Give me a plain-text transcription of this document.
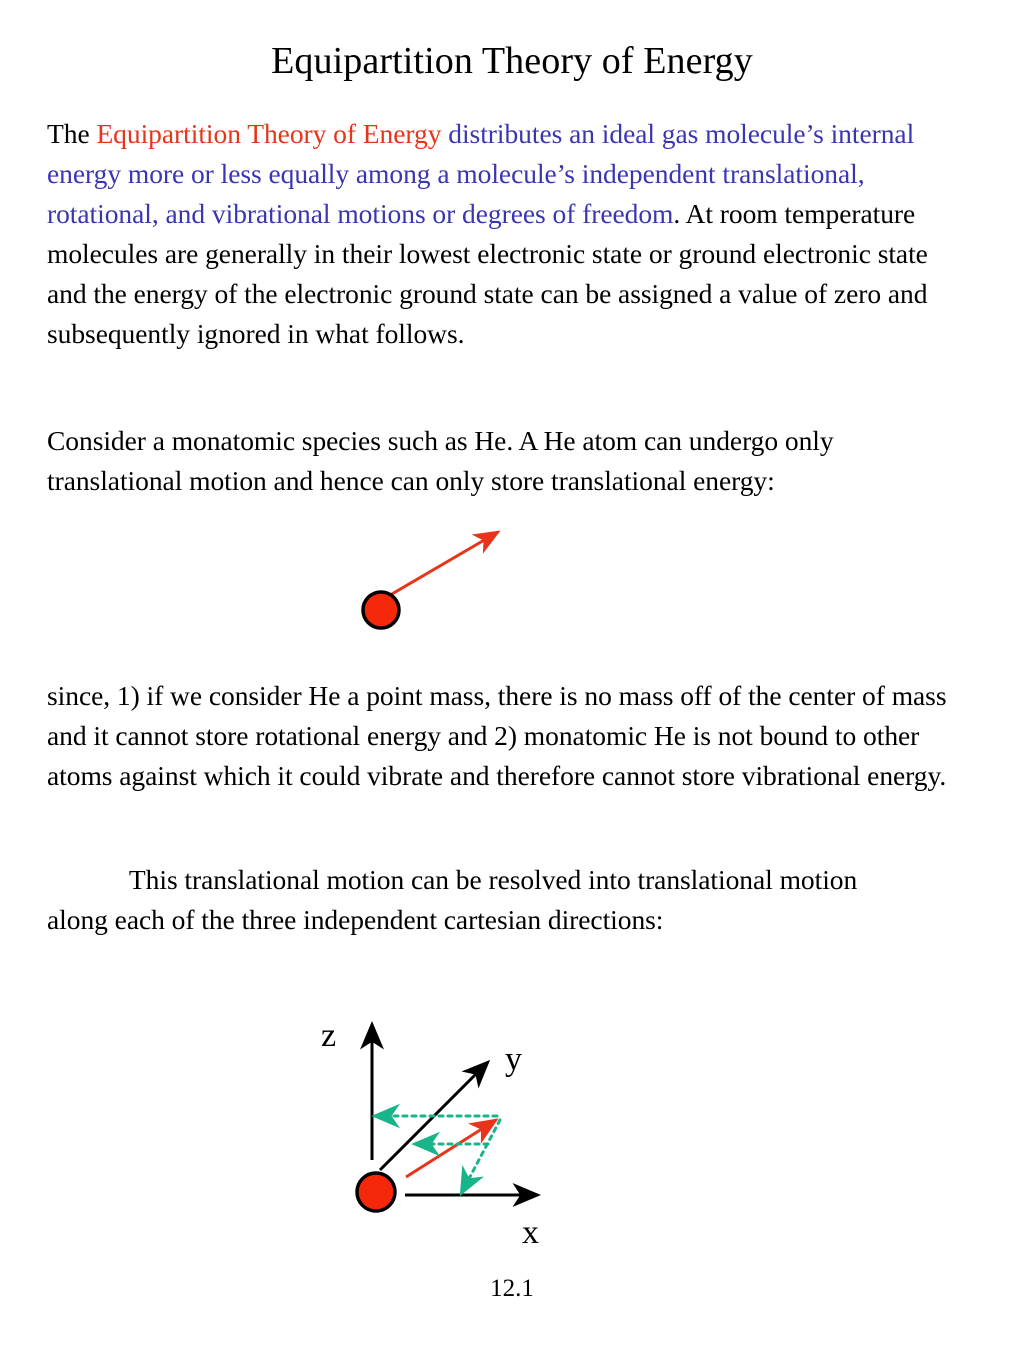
Equipartition Theory of Energy
The Equipartition Theory of Energy distributes an ideal gas molecule’s internal energy more or less equally among a molecule’s independent translational, rotational, and vibrational motions or degrees of freedom. At room temperature molecules are generally in their lowest electronic state or ground electronic state and the energy of the electronic ground state can be assigned a value of zero and subsequently ignored in what follows.
Consider a monatomic species such as He. A He atom can undergo only translational motion and hence can only store translational energy:
since, 1) if we consider He a point mass, there is no mass off of the center of mass and it cannot store rotational energy and 2) monatomic He is not bound to other atoms against which it could vibrate and therefore cannot store vibrational energy.
This translational motion can be resolved into translational motion along each of the three independent cartesian directions:
z
x
y
12.1
